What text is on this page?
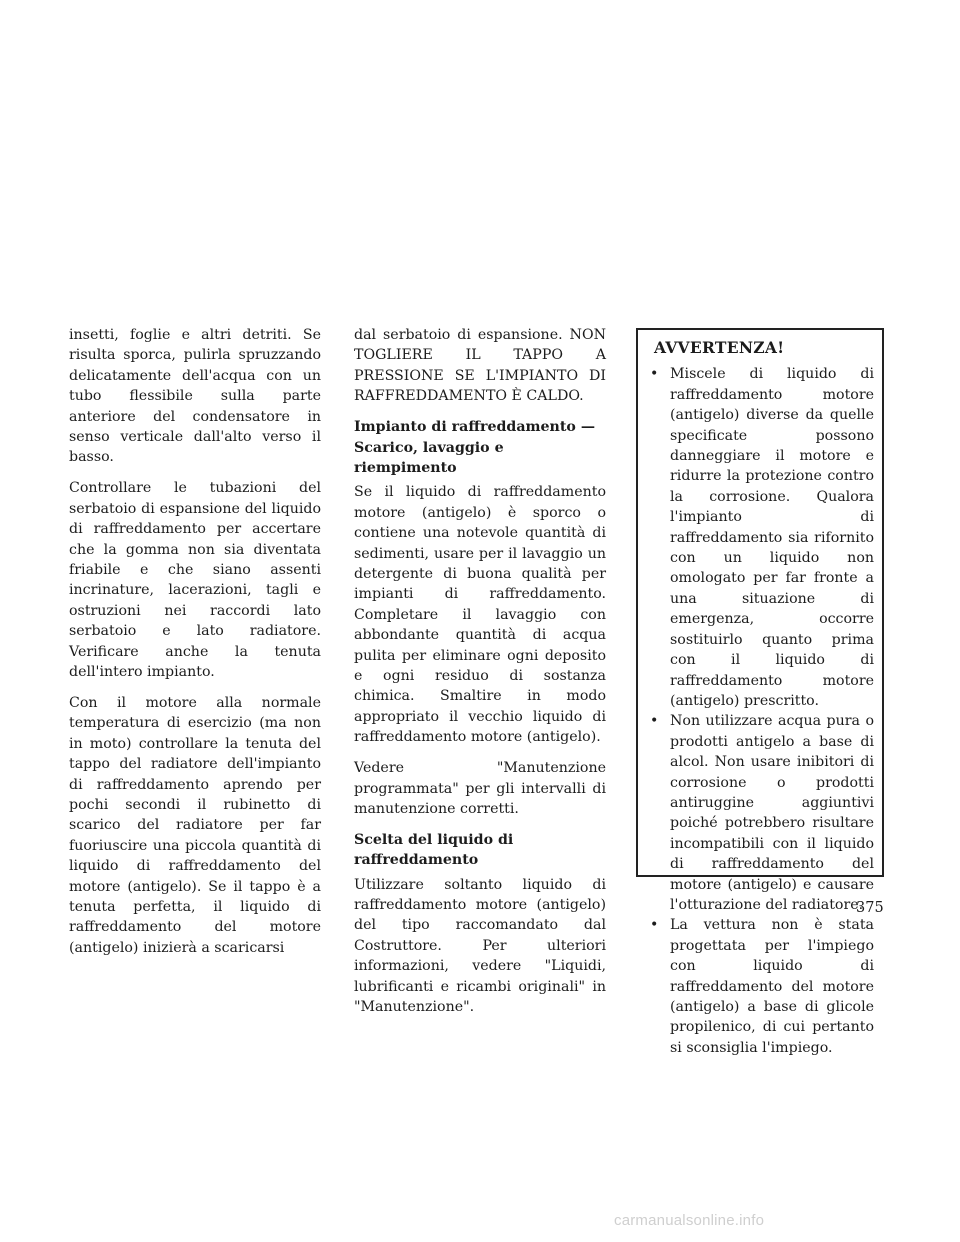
insetti, foglie e altri detriti. Se risulta sporca, pulirla spruzzando delicatamente dell'acqua con un tubo flessibile sulla parte anteriore del condensatore in senso verticale dall'alto verso il basso.

Controllare le tubazioni del serbatoio di espansione del liquido di raffreddamento per accertare che la gomma non sia diventata friabile e che siano assenti incrinature, lacerazioni, tagli e ostruzioni nei raccordi lato serbatoio e lato radiatore. Verificare anche la tenuta dell'intero impianto.

Con il motore alla normale temperatura di esercizio (ma non in moto) controllare la tenuta del tappo del radiatore dell'impianto di raffreddamento aprendo per pochi secondi il rubinetto di scarico del radiatore per far fuoriuscire una piccola quantità di liquido di raffreddamento del motore (antigelo). Se il tappo è a tenuta perfetta, il liquido di raffreddamento del motore (antigelo) inizierà a scaricarsi

dal serbatoio di espansione. NON TOGLIERE IL TAPPO A PRESSIONE SE L'IMPIANTO DI RAFFREDDAMENTO È CALDO.

Impianto di raffreddamento — Scarico, lavaggio e riempimento

Se il liquido di raffreddamento motore (antigelo) è sporco o contiene una notevole quantità di sedimenti, usare per il lavaggio un detergente di buona qualità per impianti di raffreddamento. Completare il lavaggio con abbondante quantità di acqua pulita per eliminare ogni deposito e ogni residuo di sostanza chimica. Smaltire in modo appropriato il vecchio liquido di raffreddamento motore (antigelo).

Vedere "Manutenzione programmata" per gli intervalli di manutenzione corretti.

Scelta del liquido di raffreddamento

Utilizzare soltanto liquido di raffreddamento motore (antigelo) del tipo raccomandato dal Costruttore. Per ulteriori informazioni, vedere "Liquidi, lubrificanti e ricambi originali" in "Manutenzione".

AVVERTENZA!
• Miscele di liquido di raffreddamento motore (antigelo) diverse da quelle specificate possono danneggiare il motore e ridurre la protezione contro la corrosione. Qualora l'impianto di raffreddamento sia rifornito con un liquido non omologato per far fronte a una situazione di emergenza, occorre sostituirlo quanto prima con il liquido di raffreddamento motore (antigelo) prescritto.
• Non utilizzare acqua pura o prodotti antigelo a base di alcol. Non usare inibitori di corrosione o prodotti antiruggine aggiuntivi poiché potrebbero risultare incompatibili con il liquido di raffreddamento del motore (antigelo) e causare l'otturazione del radiatore.
• La vettura non è stata progettata per l'impiego con liquido di raffreddamento del motore (antigelo) a base di glicole propilenico, di cui pertanto si sconsiglia l'impiego.
375
carmanualsonline.info
